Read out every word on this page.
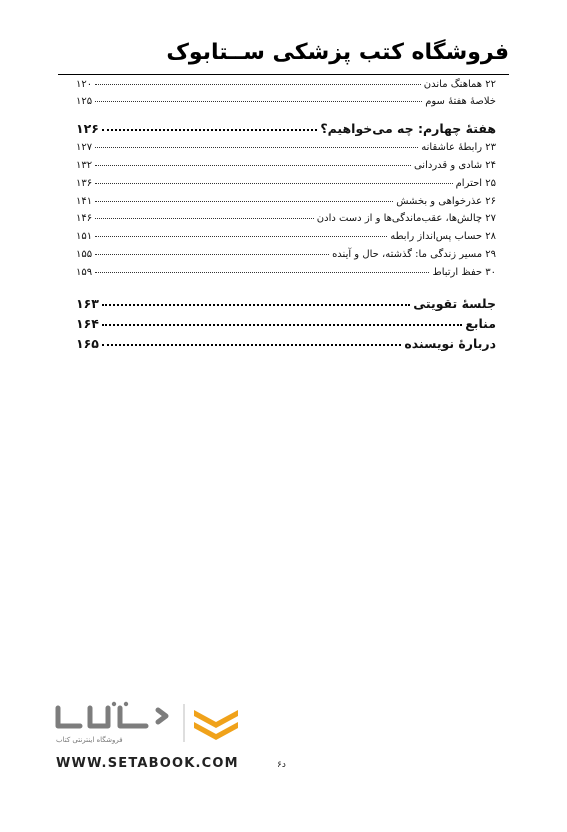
فروشگاه کتب پزشکی ســتابوک
۲۲ هماهنگ ماندن
۱۲۰
خلاصهٔ هفتهٔ سوم
۱۲۵
هفتهٔ چهارم: چه می‌خواهیم؟
۱۲۶
۲۳ رابطهٔ عاشقانه
۱۲۷
۲۴ شادی و قدردانی
۱۳۲
۲۵ احترام
۱۳۶
۲۶ عذرخواهی و بخشش
۱۴۱
۲۷ چالش‌ها، عقب‌ماندگی‌ها و از دست دادن
۱۴۶
۲۸ حساب پس‌انداز رابطه
۱۵۱
۲۹ مسیر زندگی ما: گذشته، حال و آینده
۱۵۵
۳۰ حفظ ارتباط
۱۵۹
جلسهٔ تقویتی
۱۶۳
منابع
۱۶۴
دربارهٔ نویسنده
۱۶۵
فروشگاه اینترنتی کتاب
WWW.SETABOOK.COM	۶د
